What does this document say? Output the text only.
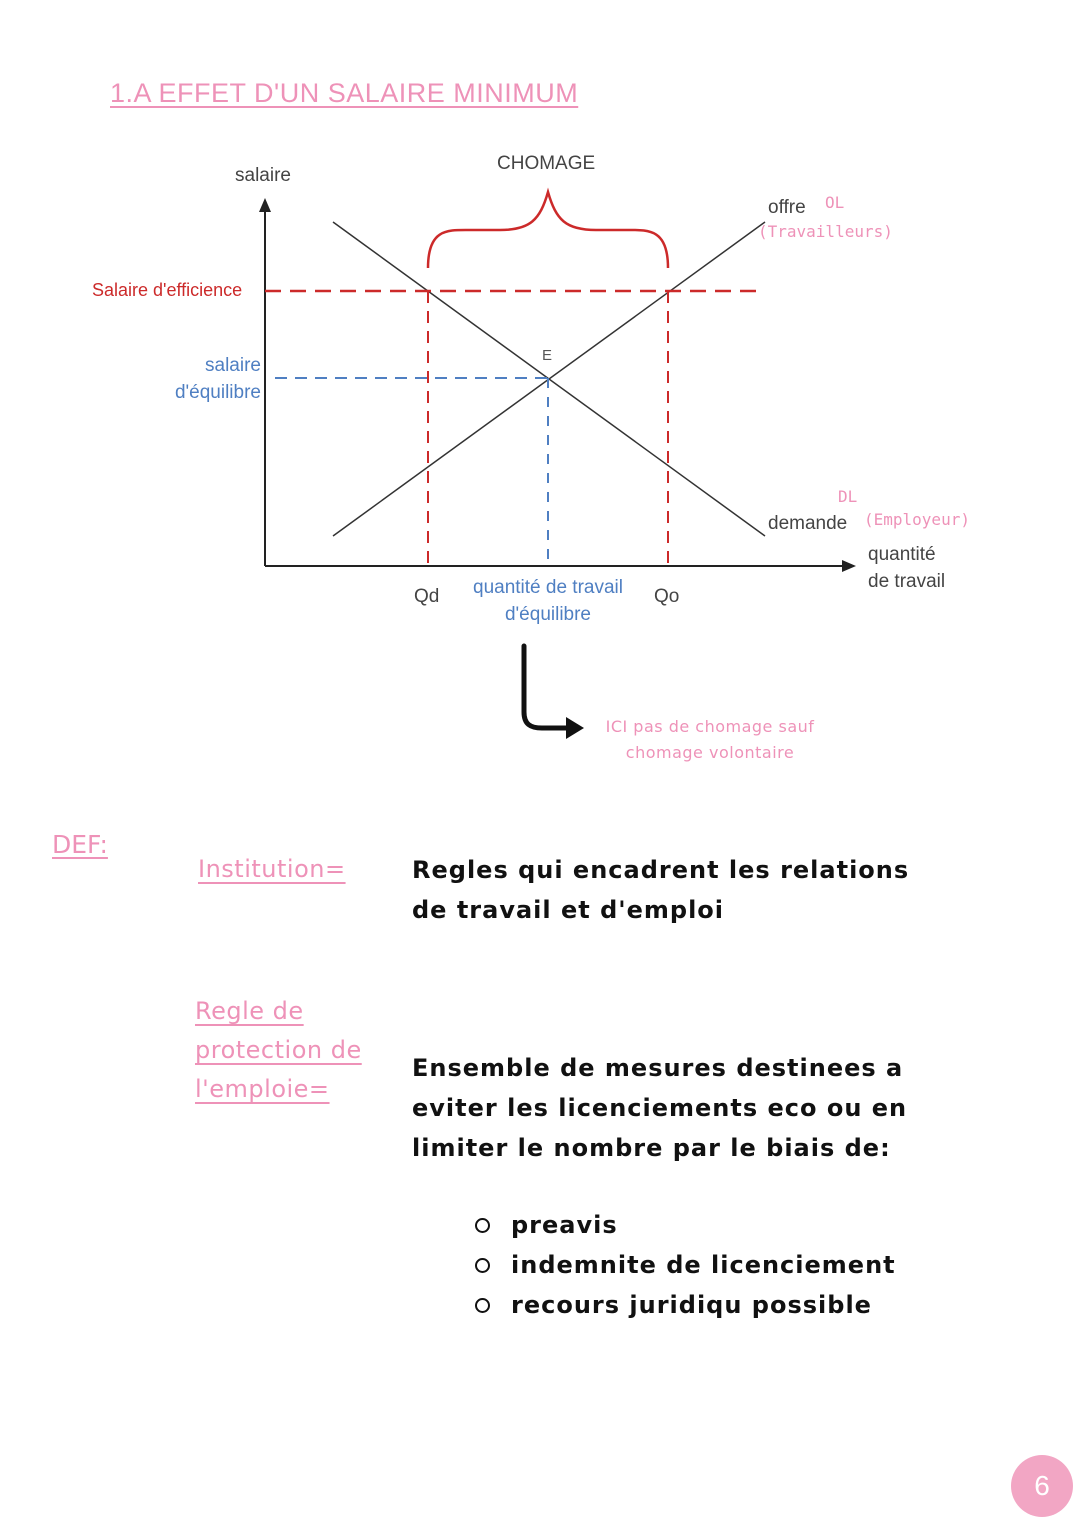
1.A EFFET D'UN SALAIRE MINIMUM
salaire
CHOMAGE
Salaire d'efficience
salaire
d'équilibre
E
offre OL
(Travailleurs)
DL
demande (Employeur)
quantité
de travail
Qd	Qo
quantité de travail
d'équilibre
ICI pas de chomage sauf
chomage volontaire
DEF:
Institution=	Regles qui encadrent les relations de travail et d'emploi
Regle de
protection de
l'emploie=
Ensemble de mesures destinees a eviter les licenciements eco ou en limiter le nombre par le biais de:
preavis
indemnite de licenciement
recours juridiqu possible
6
